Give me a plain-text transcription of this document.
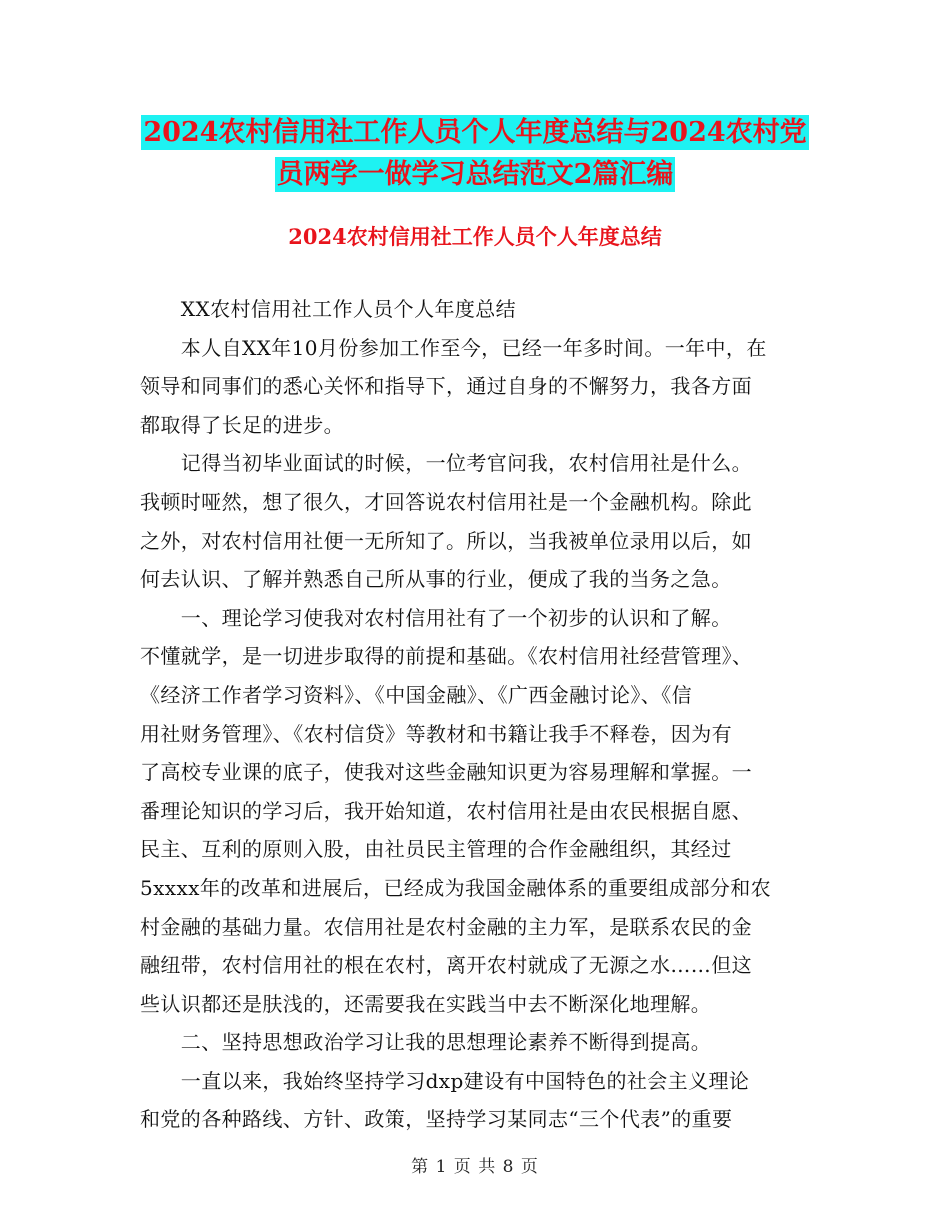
2024农村信用社工作人员个人年度总结与2024农村党
员两学一做学习总结范文2篇汇编
2024农村信用社工作人员个人年度总结
　　XX农村信用社工作人员个人年度总结
　　本人自XX年10月份参加工作至今，已经一年多时间。一年中，在
领导和同事们的悉心关怀和指导下，通过自身的不懈努力，我各方面
都取得了长足的进步。
　　记得当初毕业面试的时候，一位考官问我，农村信用社是什么。
我顿时哑然，想了很久，才回答说农村信用社是一个金融机构。除此
之外，对农村信用社便一无所知了。所以，当我被单位录用以后，如
何去认识、了解并熟悉自己所从事的行业，便成了我的当务之急。
　　一、理论学习使我对农村信用社有了一个初步的认识和了解。
不懂就学，是一切进步取得的前提和基础。《农村信用社经营管理》、
《经济工作者学习资料》、《中国金融》、《广西金融讨论》、《信
用社财务管理》、《农村信贷》等教材和书籍让我手不释卷，因为有
了高校专业课的底子，使我对这些金融知识更为容易理解和掌握。一
番理论知识的学习后，我开始知道，农村信用社是由农民根据自愿、
民主、互利的原则入股，由社员民主管理的合作金融组织，其经过
5xxxx年的改革和进展后，已经成为我国金融体系的重要组成部分和农
村金融的基础力量。农信用社是农村金融的主力军，是联系农民的金
融纽带，农村信用社的根在农村，离开农村就成了无源之水……但这
些认识都还是肤浅的，还需要我在实践当中去不断深化地理解。
　　二、坚持思想政治学习让我的思想理论素养不断得到提高。
　　一直以来，我始终坚持学习dxp建设有中国特色的社会主义理论
和党的各种路线、方针、政策，坚持学习某同志“三个代表”的重要
第 1 页 共 8 页
